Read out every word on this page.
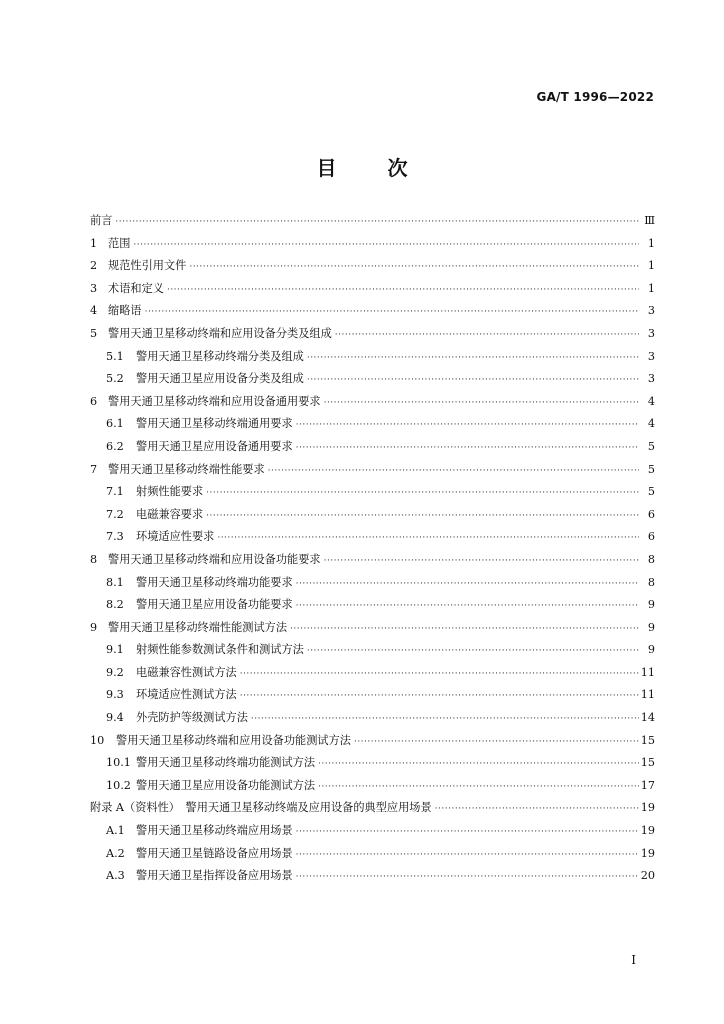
GA/T 1996—2022
目	次
前言 ·····	Ⅲ
1 范围 ·····	1
2 规范性引用文件 ·····	1
3 术语和定义 ·····	1
4 缩略语 ·····	3
5 警用天通卫星移动终端和应用设备分类及组成 ·····	3
5.1	警用天通卫星移动终端分类及组成 ·····	3
5.2	警用天通卫星应用设备分类及组成 ·····	3
6 警用天通卫星移动终端和应用设备通用要求 ·····	4
6.1	警用天通卫星移动终端通用要求 ·····	4
6.2	警用天通卫星应用设备通用要求 ·····	5
7 警用天通卫星移动终端性能要求 ·····	5
7.1	射频性能要求 ·····	5
7.2	电磁兼容要求 ·····	6
7.3	环境适应性要求 ·····	6
8 警用天通卫星移动终端和应用设备功能要求 ·····	8
8.1	警用天通卫星移动终端功能要求 ·····	8
8.2	警用天通卫星应用设备功能要求 ·····	9
9 警用天通卫星移动终端性能测试方法 ·····	9
9.1	射频性能参数测试条件和测试方法 ·····	9
9.2	电磁兼容性测试方法 ·····	11
9.3	环境适应性测试方法 ·····	11
9.4	外壳防护等级测试方法 ·····	14
10	警用天通卫星移动终端和应用设备功能测试方法 ·····	15
10.1 警用天通卫星移动终端功能测试方法 ·····	15
10.2 警用天通卫星应用设备功能测试方法 ·····	17
附录 A（资料性）　警用天通卫星移动终端及应用设备的典型应用场景 ·····	19
A.1	警用天通卫星移动终端应用场景 ·····	19
A.2	警用天通卫星链路设备应用场景 ·····	19
A.3	警用天通卫星指挥设备应用场景 ·····	20
I
